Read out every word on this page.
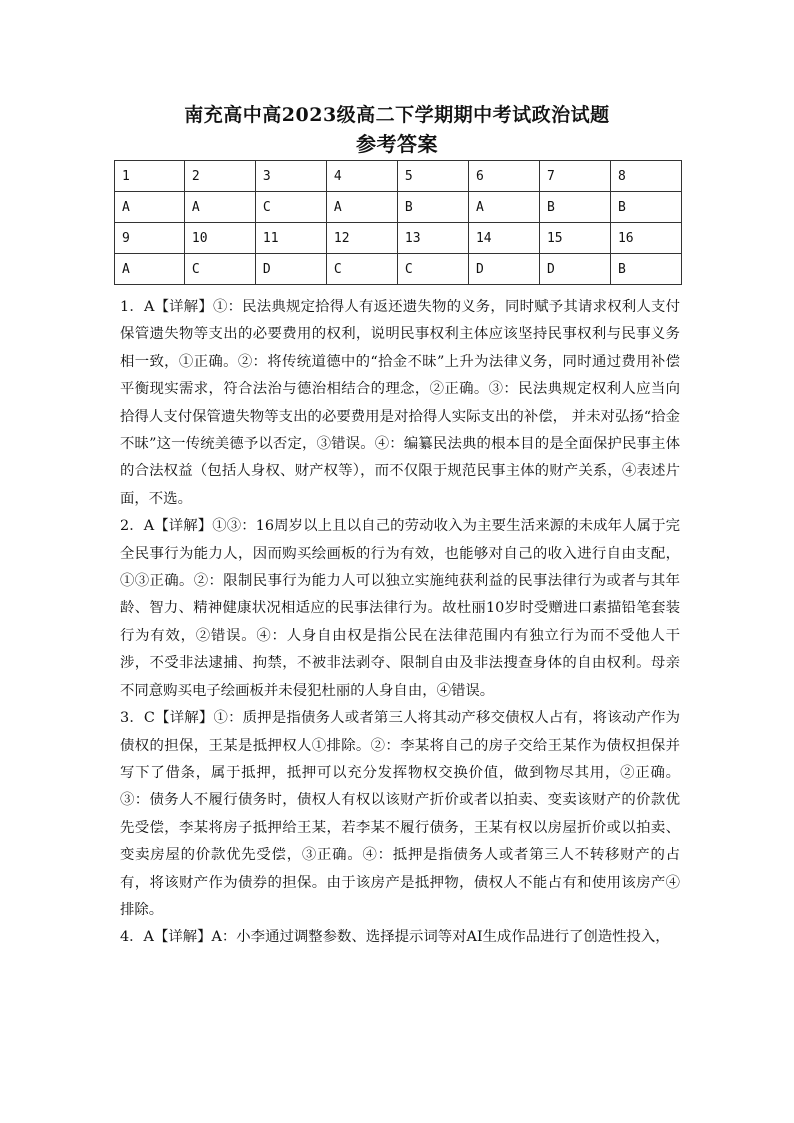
南充高中高2023级高二下学期期中考试政治试题
参考答案
1	2	3	4	5	6	7	8
A	A	C	A	B	A	B	B
9	10	11	12	13	14	15	16
A	C	D	C	C	D	D	B

1．A【详解】①：民法典规定拾得人有返还遗失物的义务，同时赋予其请求权利人支付保管遗失物等支出的必要费用的权利，说明民事权利主体应该坚持民事权利与民事义务相一致，①正确。②：将传统道德中的“拾金不昧”上升为法律义务，同时通过费用补偿平衡现实需求，符合法治与德治相结合的理念，②正确。③：民法典规定权利人应当向拾得人支付保管遗失物等支出的必要费用是对拾得人实际支出的补偿， 并未对弘扬“拾金不昧”这一传统美德予以否定，③错误。④：编纂民法典的根本目的是全面保护民事主体的合法权益（包括人身权、财产权等），而不仅限于规范民事主体的财产关系，④表述片面，不选。

2．A【详解】①③：16周岁以上且以自己的劳动收入为主要生活来源的未成年人属于完全民事行为能力人，因而购买绘画板的行为有效，也能够对自己的收入进行自由支配，①③正确。②：限制民事行为能力人可以独立实施纯获利益的民事法律行为或者与其年龄、智力、精神健康状况相适应的民事法律行为。故杜丽10岁时受赠进口素描铅笔套装行为有效，②错误。④：人身自由权是指公民在法律范围内有独立行为而不受他人干涉，不受非法逮捕、拘禁，不被非法剥夺、限制自由及非法搜查身体的自由权利。母亲不同意购买电子绘画板并未侵犯杜丽的人身自由，④错误。

3．C【详解】①：质押是指债务人或者第三人将其动产移交债权人占有，将该动产作为债权的担保，王某是抵押权人①排除。②：李某将自己的房子交给王某作为债权担保并写下了借条，属于抵押，抵押可以充分发挥物权交换价值，做到物尽其用，②正确。③：债务人不履行债务时，债权人有权以该财产折价或者以拍卖、变卖该财产的价款优先受偿，李某将房子抵押给王某，若李某不履行债务，王某有权以房屋折价或以拍卖、变卖房屋的价款优先受偿，③正确。④：抵押是指债务人或者第三人不转移财产的占有，将该财产作为债券的担保。由于该房产是抵押物，债权人不能占有和使用该房产④排除。

4．A【详解】A：小李通过调整参数、选择提示词等对AI生成作品进行了创造性投入，
